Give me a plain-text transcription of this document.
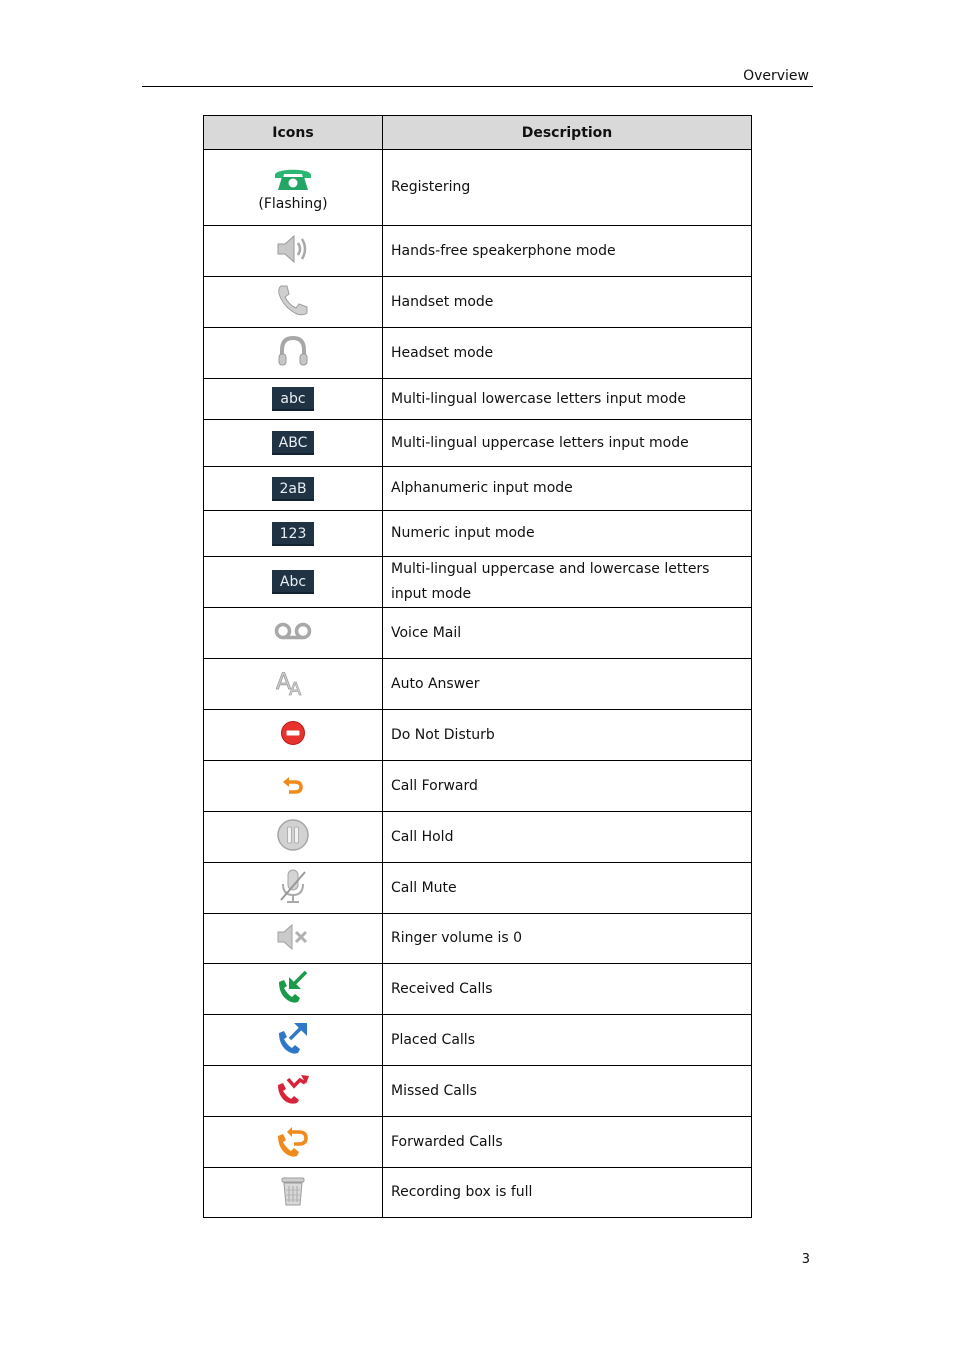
Overview
Icons	Description

(Flashing)	Registering

	Hands-free speakerphone mode

	Handset mode

	Headset mode
abc	Multi-lingual lowercase letters input mode
ABC	Multi-lingual uppercase letters input mode
2aB	Alphanumeric input mode
123	Numeric input mode
Abc	Multi-lingual uppercase and lowercase letters input mode

	Voice Mail

A
A	Auto Answer

	Do Not Disturb

	Call Forward

	Call Hold

	Call Mute

	Ringer volume is 0

	Received Calls

	Placed Calls

	Missed Calls

	Forwarded Calls

	Recording box is full
3
